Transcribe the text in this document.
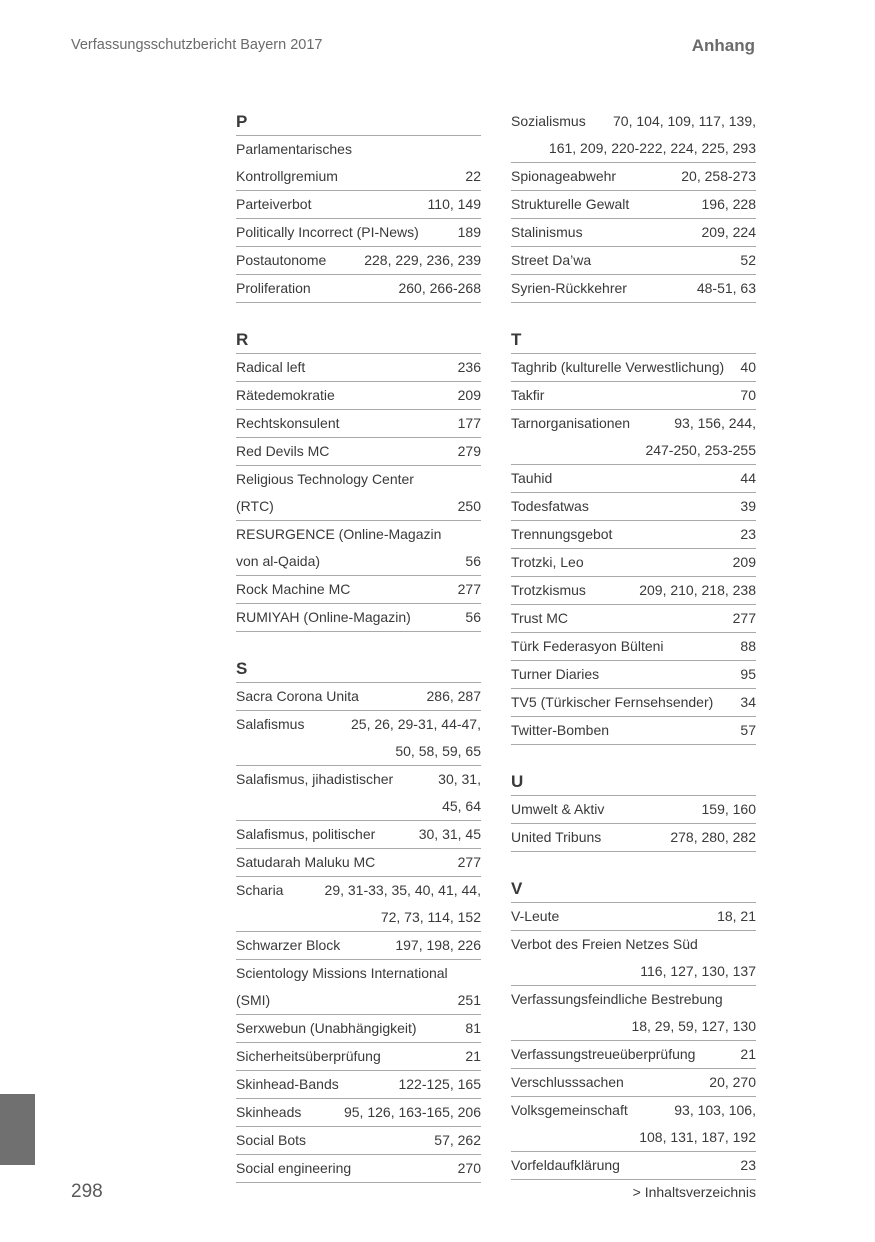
Verfassungsschutzbericht Bayern 2017	Anhang
P
Parlamentarisches
Kontrollgremium	22
Parteiverbot	110, 149
Politically Incorrect (PI-News)	189
Postautonome	228, 229, 236, 239
Proliferation	260, 266-268
R
Radical left	236
Rätedemokratie	209
Rechtskonsulent	177
Red Devils MC	279
Religious Technology Center
(RTC)	250
RESURGENCE (Online-Magazin
von al-Qaida)	56
Rock Machine MC	277
RUMIYAH (Online-Magazin)	56
S
Sacra Corona Unita	286, 287
Salafismus	25, 26, 29-31, 44-47,
50, 58, 59, 65
Salafismus, jihadistischer	30, 31,
45, 64
Salafismus, politischer	30, 31, 45
Satudarah Maluku MC	277
Scharia	29, 31-33, 35, 40, 41, 44,
72, 73, 114, 152
Schwarzer Block	197, 198, 226
Scientology Missions International
(SMI)	251
Serxwebun (Unabhängigkeit)	81
Sicherheitsüberprüfung	21
Skinhead-Bands	122-125, 165
Skinheads	95, 126, 163-165, 206
Social Bots	57, 262
Social engineering	270
Sozialismus 70, 104, 109, 117, 139,
161, 209, 220-222, 224, 225, 293
Spionageabwehr	20, 258-273
Strukturelle Gewalt	196, 228
Stalinismus	209, 224
Street Da’wa	52
Syrien-Rückkehrer	48-51, 63
T
Taghrib (kulturelle Verwestlichung) 40
Takfir	70
Tarnorganisationen	93, 156, 244,
247-250, 253-255
Tauhid	44
Todesfatwas	39
Trennungsgebot	23
Trotzki, Leo	209
Trotzkismus	209, 210, 218, 238
Trust MC	277
Türk Federasyon Bülteni	88
Turner Diaries	95
TV5 (Türkischer Fernsehsender) 34
Twitter-Bomben	57
U
Umwelt & Aktiv	159, 160
United Tribuns	278, 280, 282
V
V-Leute	18, 21
Verbot des Freien Netzes Süd
116, 127, 130, 137
Verfassungsfeindliche Bestrebung
18, 29, 59, 127, 130
Verfassungstreueüberprüfung	21
Verschlusssachen	20, 270
Volksgemeinschaft	93, 103, 106,
108, 131, 187, 192
Vorfeldaufklärung	23
298	> Inhaltsverzeichnis
